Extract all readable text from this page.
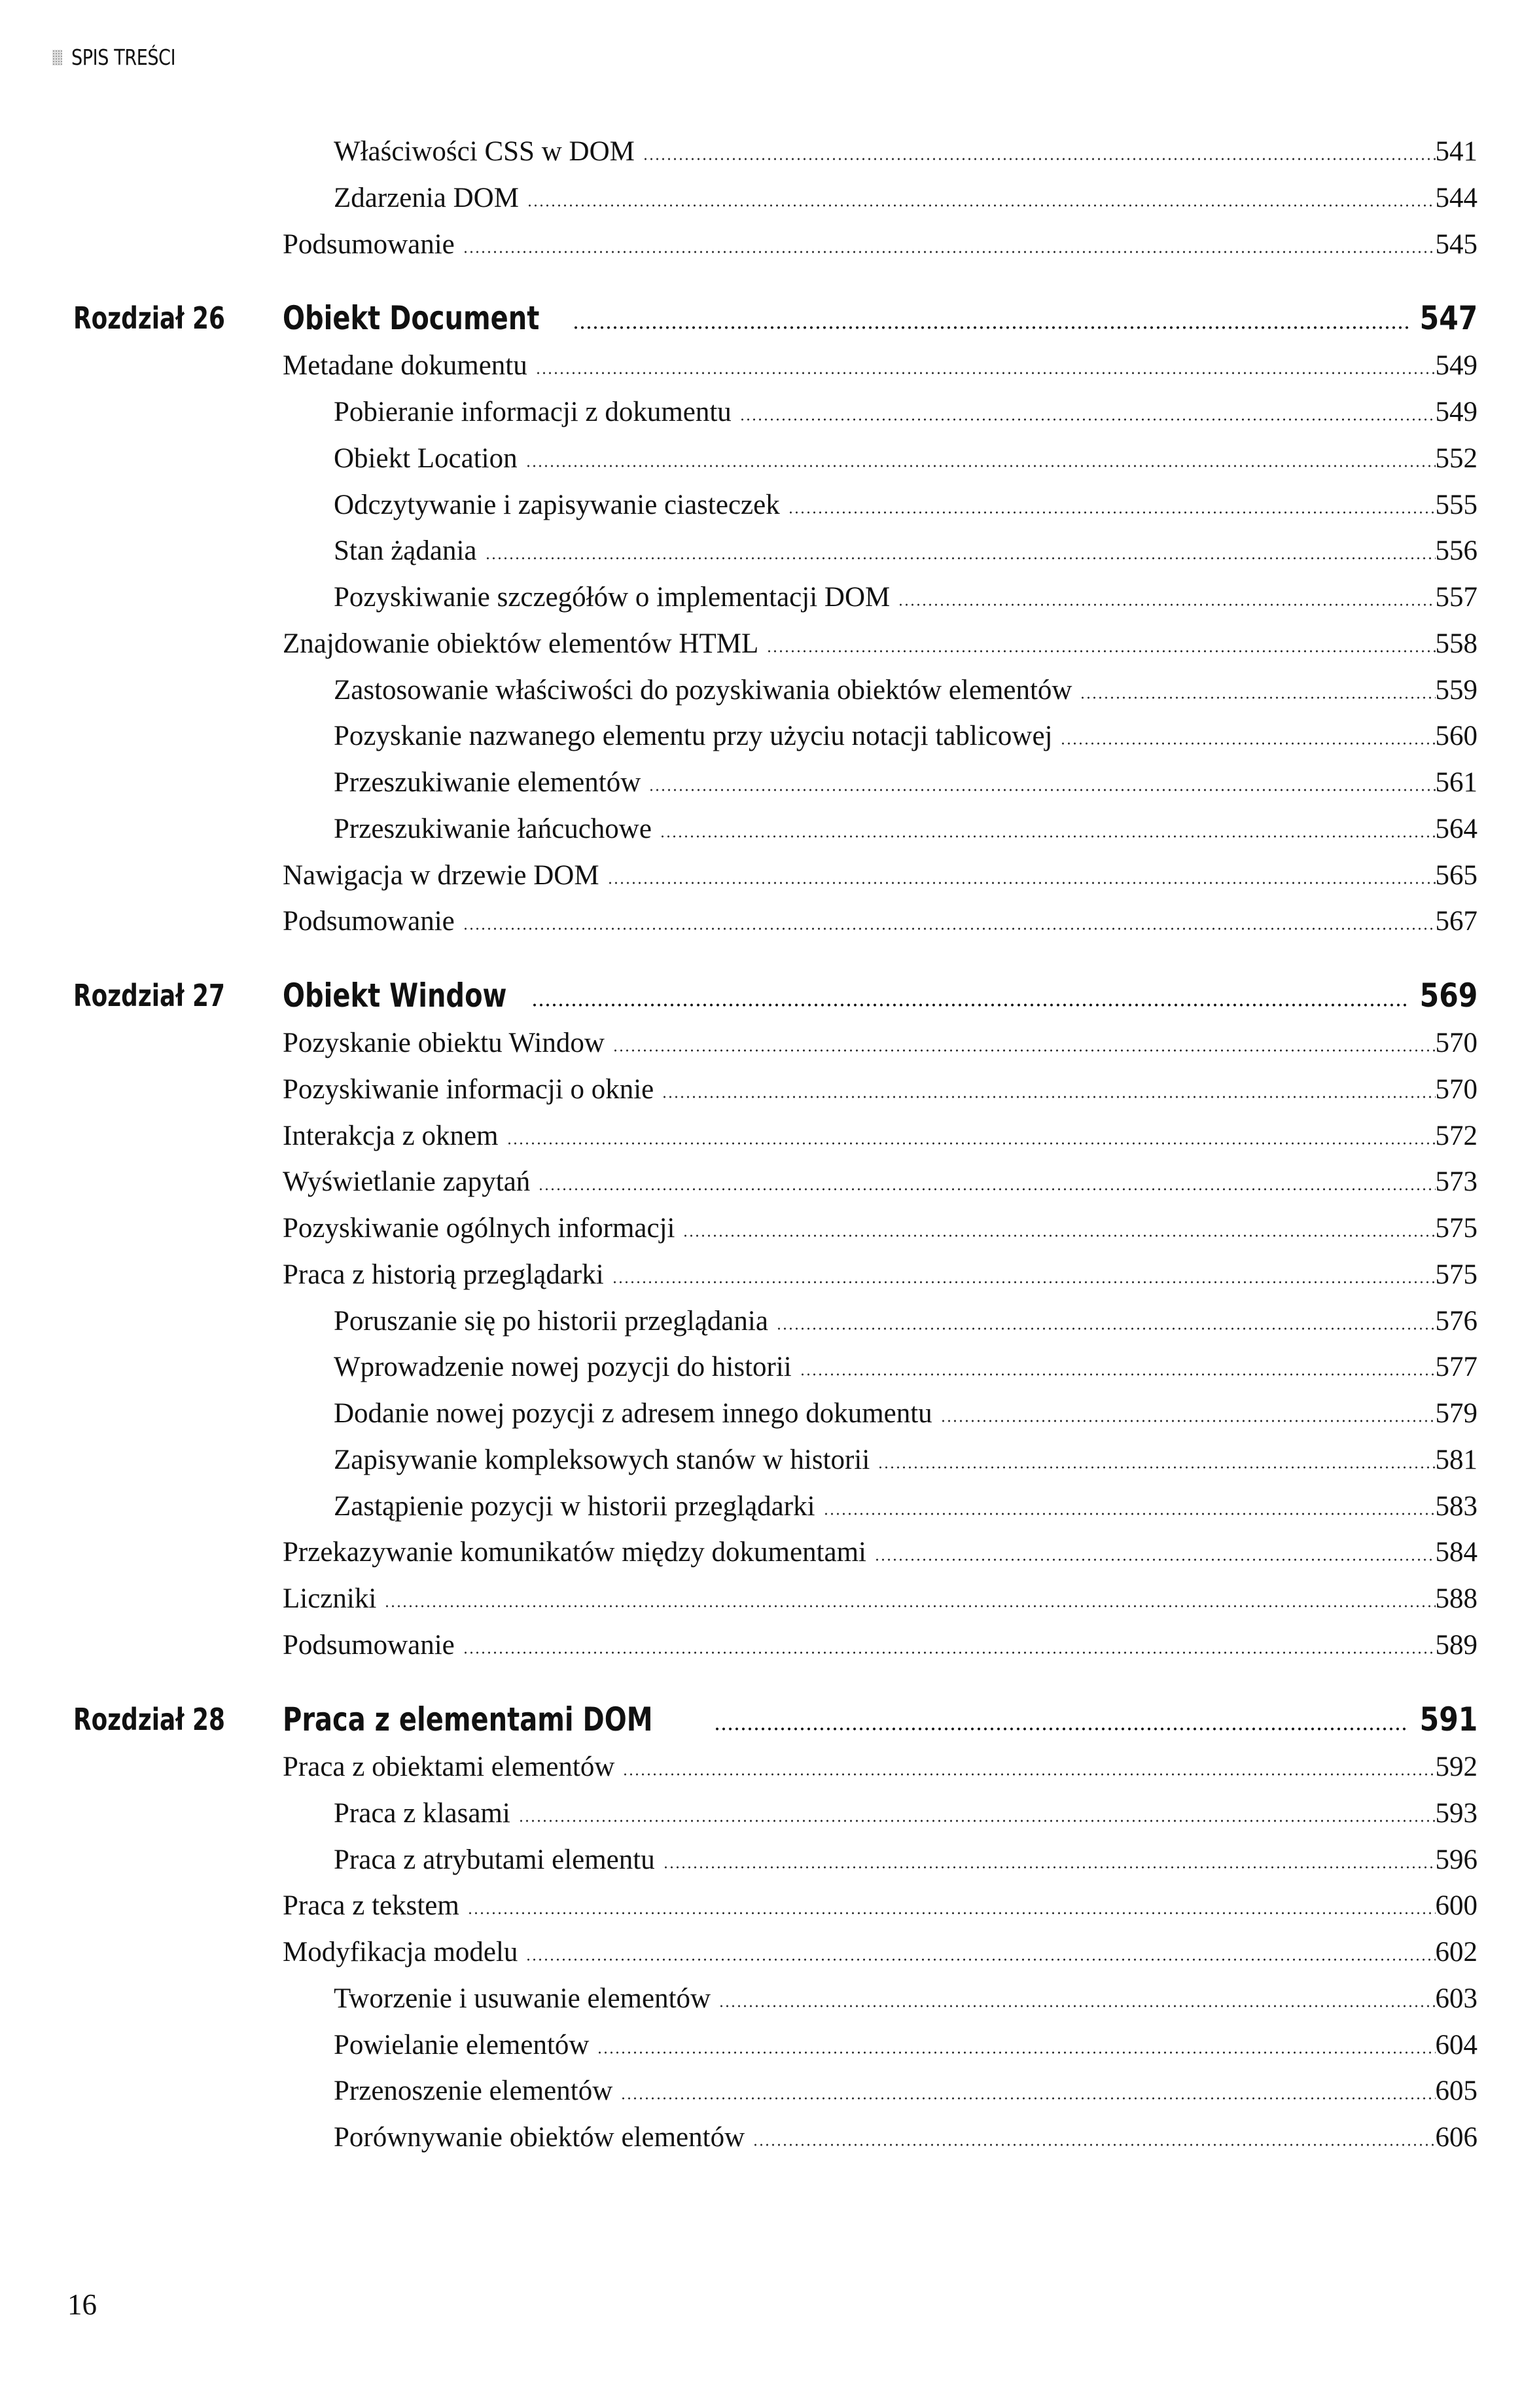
SPIS TREŚCI
Właściwości CSS w DOM	541
Zdarzenia DOM	544
Podsumowanie	545
Rozdział 26 Obiekt Document	547
Metadane dokumentu	549
Pobieranie informacji z dokumentu	549
Obiekt Location	552
Odczytywanie i zapisywanie ciasteczek	555
Stan żądania	556
Pozyskiwanie szczegółów o implementacji DOM	557
Znajdowanie obiektów elementów HTML	558
Zastosowanie właściwości do pozyskiwania obiektów elementów	559
Pozyskanie nazwanego elementu przy użyciu notacji tablicowej	560
Przeszukiwanie elementów	561
Przeszukiwanie łańcuchowe	564
Nawigacja w drzewie DOM	565
Podsumowanie	567
Rozdział 27 Obiekt Window	569
Pozyskanie obiektu Window	570
Pozyskiwanie informacji o oknie	570
Interakcja z oknem	572
Wyświetlanie zapytań	573
Pozyskiwanie ogólnych informacji	575
Praca z historią przeglądarki	575
Poruszanie się po historii przeglądania	576
Wprowadzenie nowej pozycji do historii	577
Dodanie nowej pozycji z adresem innego dokumentu	579
Zapisywanie kompleksowych stanów w historii	581
Zastąpienie pozycji w historii przeglądarki	583
Przekazywanie komunikatów między dokumentami	584
Liczniki	588
Podsumowanie	589
Rozdział 28 Praca z elementami DOM	591
Praca z obiektami elementów	592
Praca z klasami	593
Praca z atrybutami elementu	596
Praca z tekstem	600
Modyfikacja modelu	602
Tworzenie i usuwanie elementów	603
Powielanie elementów	604
Przenoszenie elementów	605
Porównywanie obiektów elementów	606
16
